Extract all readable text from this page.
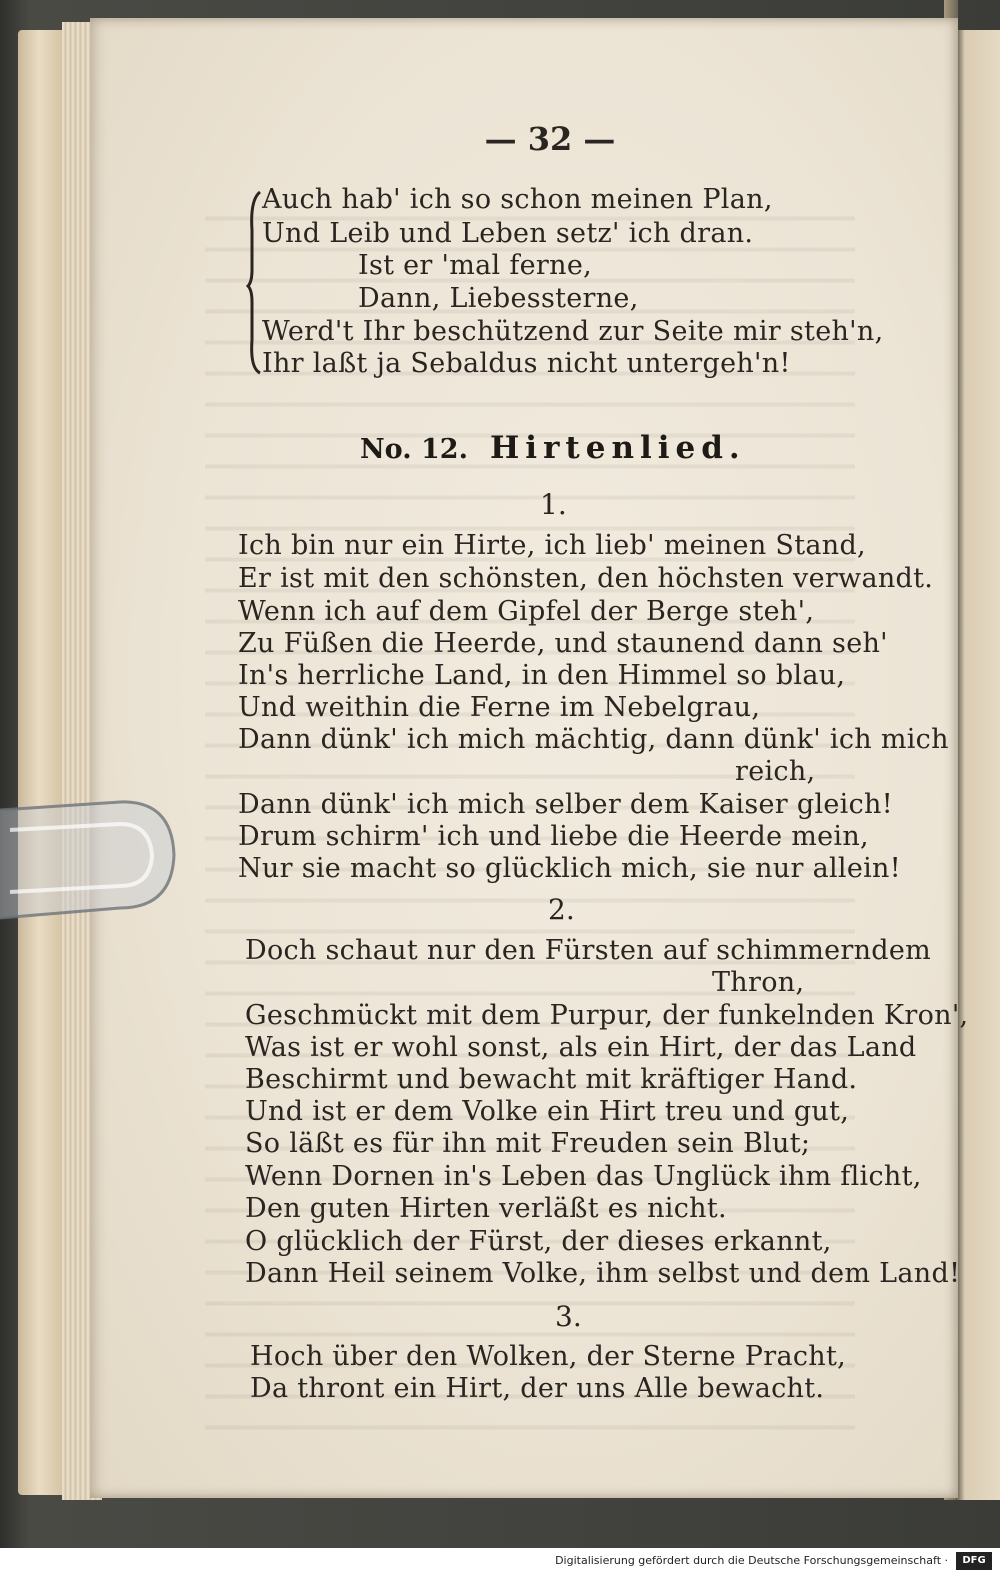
— 32 —
Auch hab' ich so schon meinen Plan,
Und Leib und Leben setz' ich dran.
Ist er 'mal ferne,
Dann, Liebessterne,
Werd't Ihr beschützend zur Seite mir steh'n,
Ihr laßt ja Sebaldus nicht untergeh'n!
No. 12. Hirtenlied.
1.
Ich bin nur ein Hirte, ich lieb' meinen Stand,
Er ist mit den schönsten, den höchsten verwandt.
Wenn ich auf dem Gipfel der Berge steh',
Zu Füßen die Heerde, und staunend dann seh'
In's herrliche Land, in den Himmel so blau,
Und weithin die Ferne im Nebelgrau,
Dann dünk' ich mich mächtig, dann dünk' ich mich
reich,
Dann dünk' ich mich selber dem Kaiser gleich!
Drum schirm' ich und liebe die Heerde mein,
Nur sie macht so glücklich mich, sie nur allein!
2.
Doch schaut nur den Fürsten auf schimmerndem
Thron,
Geschmückt mit dem Purpur, der funkelnden Kron',
Was ist er wohl sonst, als ein Hirt, der das Land
Beschirmt und bewacht mit kräftiger Hand.
Und ist er dem Volke ein Hirt treu und gut,
So läßt es für ihn mit Freuden sein Blut;
Wenn Dornen in's Leben das Unglück ihm flicht,
Den guten Hirten verläßt es nicht.
O glücklich der Fürst, der dieses erkannt,
Dann Heil seinem Volke, ihm selbst und dem Land!
3.
Hoch über den Wolken, der Sterne Pracht,
Da thront ein Hirt, der uns Alle bewacht.
Digitalisierung gefördert durch die Deutsche Forschungsgemeinschaft ·	DFG
